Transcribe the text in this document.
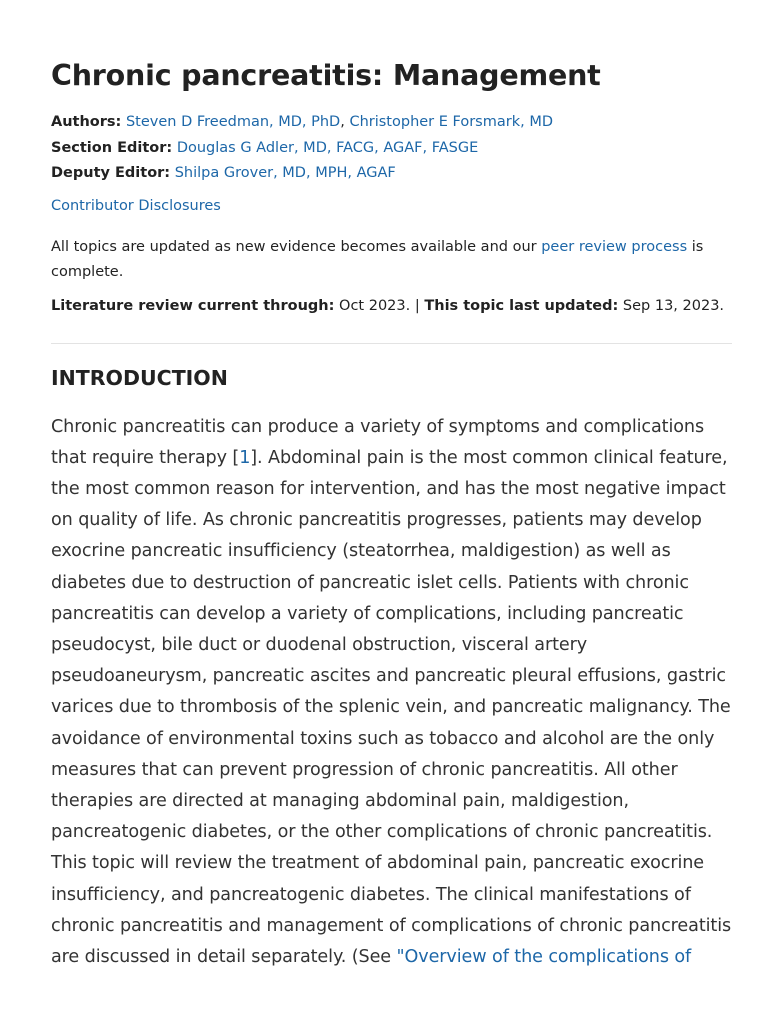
Chronic pancreatitis: Management
Authors: Steven D Freedman, MD, PhD, Christopher E Forsmark, MD
Section Editor: Douglas G Adler, MD, FACG, AGAF, FASGE
Deputy Editor: Shilpa Grover, MD, MPH, AGAF
Contributor Disclosures
All topics are updated as new evidence becomes available and our peer review process is complete.
Literature review current through: Oct 2023. | This topic last updated: Sep 13, 2023.
INTRODUCTION

Chronic pancreatitis can produce a variety of symptoms and complications that require therapy [1]. Abdominal pain is the most common clinical feature, the most common reason for intervention, and has the most negative impact on quality of life. As chronic pancreatitis progresses, patients may develop exocrine pancreatic insufficiency (steatorrhea, maldigestion) as well as diabetes due to destruction of pancreatic islet cells. Patients with chronic pancreatitis can develop a variety of complications, including pancreatic pseudocyst, bile duct or duodenal obstruction, visceral artery pseudoaneurysm, pancreatic ascites and pancreatic pleural effusions, gastric varices due to thrombosis of the splenic vein, and pancreatic malignancy. The avoidance of environmental toxins such as tobacco and alcohol are the only measures that can prevent progression of chronic pancreatitis. All other therapies are directed at managing abdominal pain, maldigestion, pancreatogenic diabetes, or the other complications of chronic pancreatitis. This topic will review the treatment of abdominal pain, pancreatic exocrine insufficiency, and pancreatogenic diabetes. The clinical manifestations of chronic pancreatitis and management of complications of chronic pancreatitis are discussed in detail separately. (See "Overview of the complications of
